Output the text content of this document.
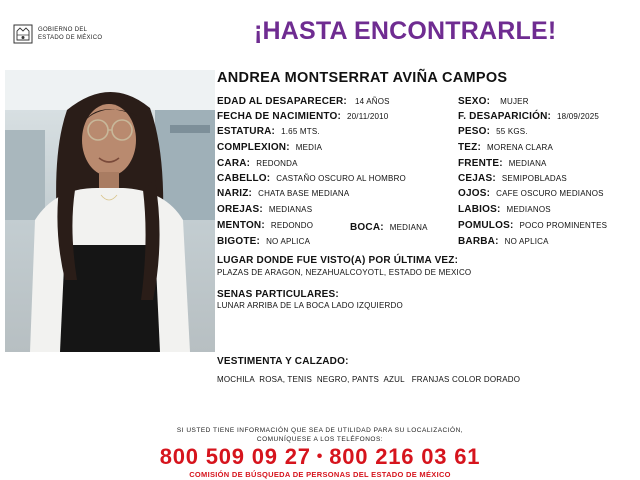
GOBIERNO DEL
ESTADO DE MÉXICO	¡HASTA ENCONTRARLE!
ANDREA MONTSERRAT AVIÑA CAMPOS
EDAD AL DESAPARECER: 14 AÑOS
FECHA DE NACIMIENTO: 20/11/2010
ESTATURA: 1.65 MTS.
COMPLEXION: MEDIA
CARA: REDONDA
CABELLO: CASTAÑO OSCURO AL HOMBRO
NARIZ: CHATA BASE MEDIANA
OREJAS: MEDIANAS
MENTON: REDONDO	BOCA: MEDIANA
BIGOTE: NO APLICA
SEXO: MUJER
F. DESAPARICIÓN: 18/09/2025
PESO: 55 KGS.
TEZ: MORENA CLARA
FRENTE: MEDIANA
CEJAS: SEMIPOBLADAS
OJOS: CAFE OSCURO MEDIANOS
LABIOS: MEDIANOS
POMULOS: POCO PROMINENTES
BARBA: NO APLICA
LUGAR DONDE FUE VISTO(A) POR ÚLTIMA VEZ:
PLAZAS DE ARAGON, NEZAHUALCOYOTL, ESTADO DE MEXICO
SENAS PARTICULARES:
LUNAR ARRIBA DE LA BOCA LADO IZQUIERDO
VESTIMENTA Y CALZADO:
MOCHILA  ROSA, TENIS  NEGRO, PANTS  AZUL   FRANJAS COLOR DORADO
SI USTED TIENE INFORMACIÓN QUE SEA DE UTILIDAD PARA SU LOCALIZACIÓN,
COMUNÍQUESE A LOS TELÉFONOS:
800 509 09 27 • 800 216 03 61
COMISIÓN DE BÚSQUEDA DE PERSONAS DEL ESTADO DE MÉXICO
